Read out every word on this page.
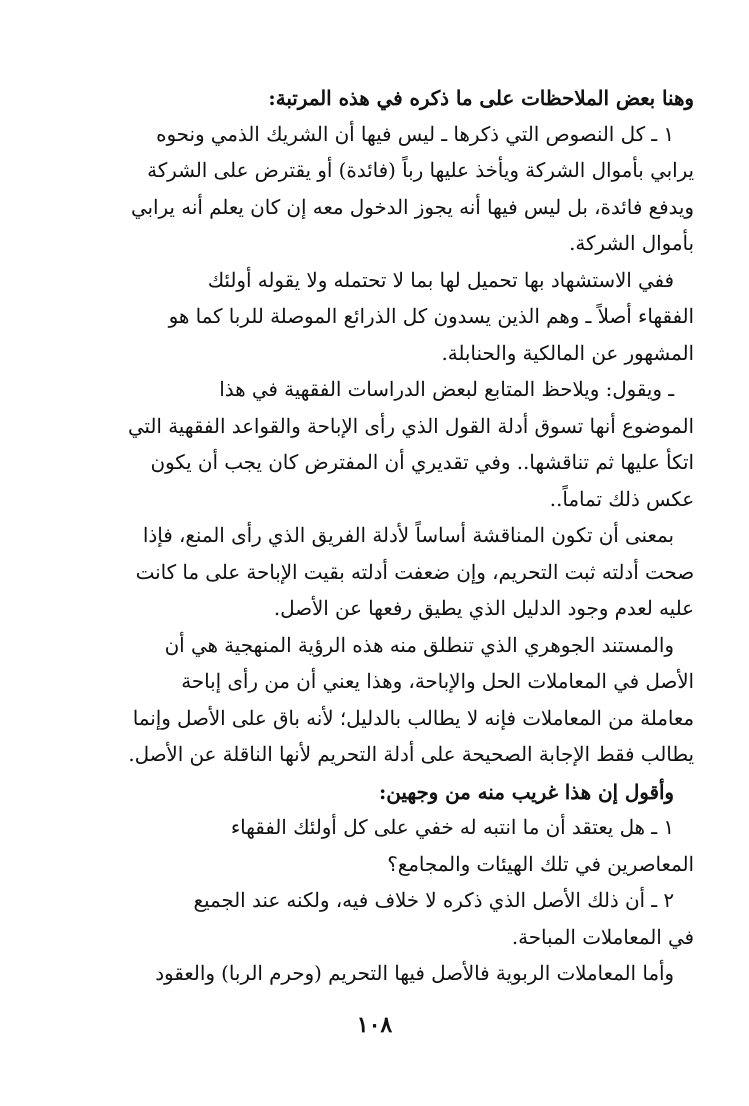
وهنا بعض الملاحظات على ما ذكره في هذه المرتبة:
١ ـ كل النصوص التي ذكرها ـ ليس فيها أن الشريك الذمي ونحوه
يرابي بأموال الشركة ويأخذ عليها رباً (فائدة) أو يقترض على الشركة
ويدفع فائدة، بل ليس فيها أنه يجوز الدخول معه إن كان يعلم أنه يرابي
بأموال الشركة.
ففي الاستشهاد بها تحميل لها بما لا تحتمله ولا يقوله أولئك
الفقهاء أصلاً ـ وهم الذين يسدون كل الذرائع الموصلة للربا كما هو
المشهور عن المالكية والحنابلة.
ـ ويقول: ويلاحظ المتابع لبعض الدراسات الفقهية في هذا
الموضوع أنها تسوق أدلة القول الذي رأى الإباحة والقواعد الفقهية التي
اتكأ عليها ثم تناقشها.. وفي تقديري أن المفترض كان يجب أن يكون
عكس ذلك تماماً..
بمعنى أن تكون المناقشة أساساً لأدلة الفريق الذي رأى المنع، فإذا
صحت أدلته ثبت التحريم، وإن ضعفت أدلته بقيت الإباحة على ما كانت
عليه لعدم وجود الدليل الذي يطيق رفعها عن الأصل.
والمستند الجوهري الذي تنطلق منه هذه الرؤية المنهجية هي أن
الأصل في المعاملات الحل والإباحة، وهذا يعني أن من رأى إباحة
معاملة من المعاملات فإنه لا يطالب بالدليل؛ لأنه باق على الأصل وإنما
يطالب فقط الإجابة الصحيحة على أدلة التحريم لأنها الناقلة عن الأصل.
وأقول إن هذا غريب منه من وجهين:
١ ـ هل يعتقد أن ما انتبه له خفي على كل أولئك الفقهاء
المعاصرين في تلك الهيئات والمجامع؟
٢ ـ أن ذلك الأصل الذي ذكره لا خلاف فيه، ولكنه عند الجميع
في المعاملات المباحة.
وأما المعاملات الربوية فالأصل فيها التحريم (وحرم الربا) والعقود
١٠٨
